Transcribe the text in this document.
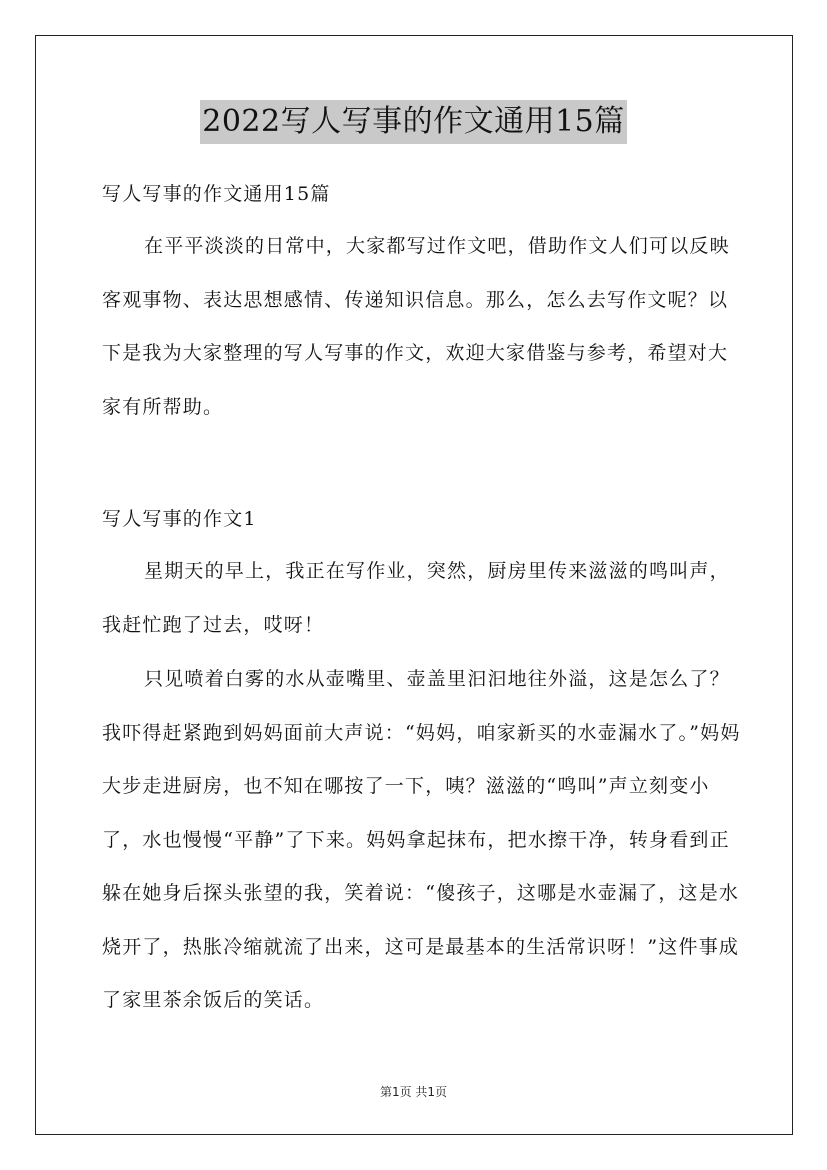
2022写人写事的作文通用15篇

写人写事的作文通用15篇

在平平淡淡的日常中，大家都写过作文吧，借助作文人们可以反映客观事物、表达思想感情、传递知识信息。那么，怎么去写作文呢？以下是我为大家整理的写人写事的作文，欢迎大家借鉴与参考，希望对大家有所帮助。

写人写事的作文1

星期天的早上，我正在写作业，突然，厨房里传来滋滋的鸣叫声，我赶忙跑了过去，哎呀！

只见喷着白雾的水从壶嘴里、壶盖里汩汩地往外溢，这是怎么了？我吓得赶紧跑到妈妈面前大声说：“妈妈，咱家新买的水壶漏水了。”妈妈大步走进厨房，也不知在哪按了一下，咦？滋滋的“鸣叫”声立刻变小了，水也慢慢“平静”了下来。妈妈拿起抹布，把水擦干净，转身看到正躲在她身后探头张望的我，笑着说：“傻孩子，这哪是水壶漏了，这是水烧开了，热胀冷缩就流了出来，这可是最基本的生活常识呀！”这件事成了家里茶余饭后的笑话。

第1页 共1页
